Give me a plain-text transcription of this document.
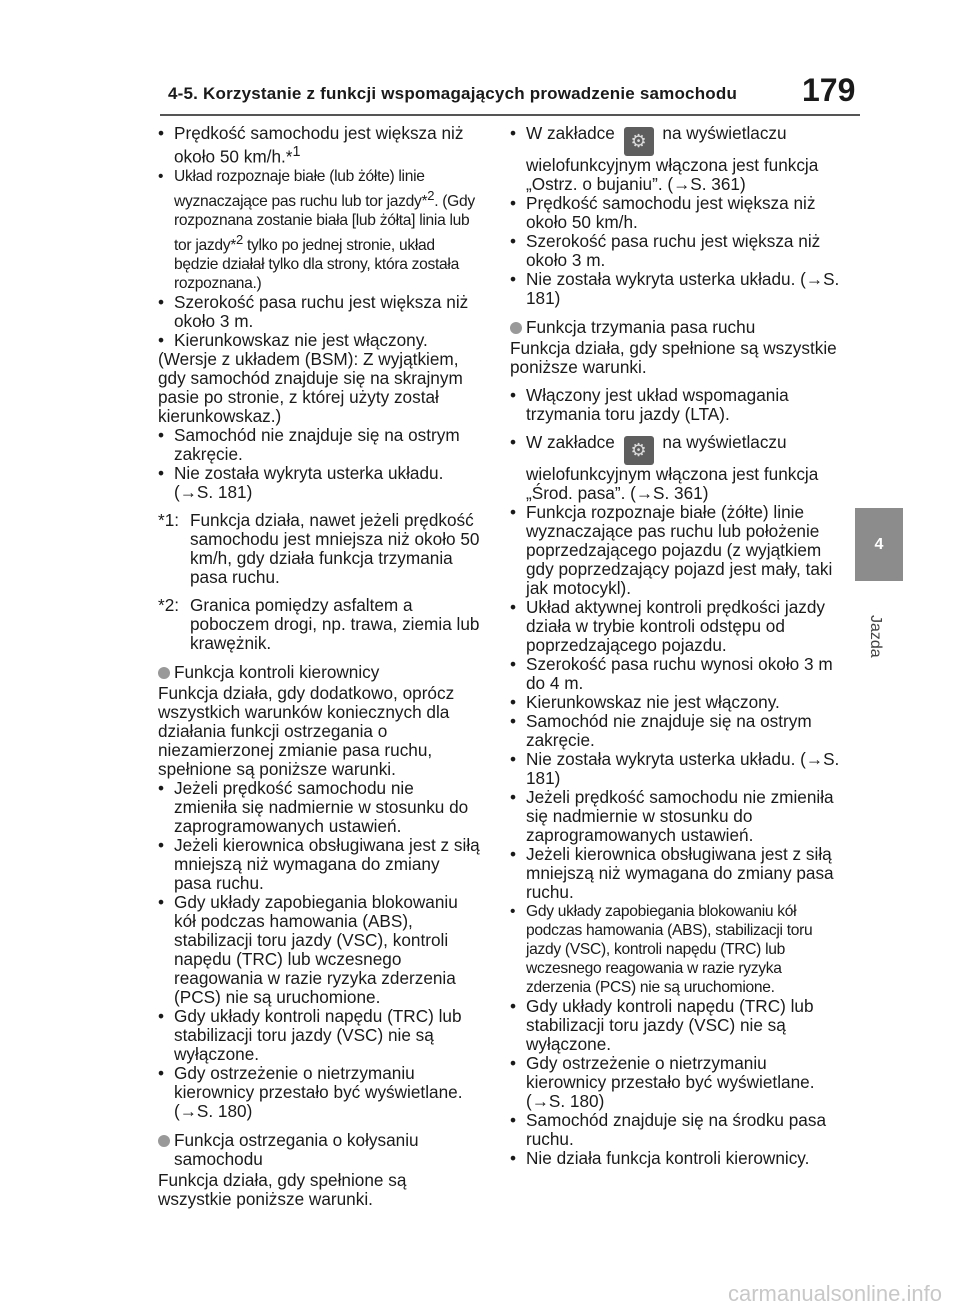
4-5. Korzystanie z funkcji wspomagających prowadzenie samochodu 179
4
Jazda
• Prędkość samochodu jest większa niż około 50 km/h.*$^1$
• Układ rozpoznaje białe (lub żółte) linie wyznaczające pas ruchu lub tor jazdy*$^2$. (Gdy rozpoznana zostanie biała [lub żółta] linia lub tor jazdy*$^2$ tylko po jednej stronie, układ będzie działał tylko dla strony, która została rozpoznana.)
• Szerokość pasa ruchu jest większa niż około 3 m.
• Kierunkowskaz nie jest włączony.
(Wersje z układem (BSM): Z wyjątkiem, gdy samochód znajduje się na skrajnym pasie po stronie, z której użyty został kierunkowskaz.)
• Samochód nie znajduje się na ostrym zakręcie.
• Nie została wykryta usterka układu. (→S. 181)
*1: Funkcja działa, nawet jeżeli prędkość samochodu jest mniejsza niż około 50 km/h, gdy działa funkcja trzymania pasa ruchu.
*2: Granica pomiędzy asfaltem a poboczem drogi, np. trawa, ziemia lub krawężnik.
Funkcja kontroli kierownicy
Funkcja działa, gdy dodatkowo, oprócz wszystkich warunków koniecznych dla działania funkcji ostrzegania o niezamierzonej zmianie pasa ruchu, spełnione są poniższe warunki.
• Jeżeli prędkość samochodu nie zmieniła się nadmiernie w stosunku do zaprogramowanych ustawień.
• Jeżeli kierownica obsługiwana jest z siłą mniejszą niż wymagana do zmiany pasa ruchu.
• Gdy układy zapobiegania blokowaniu kół podczas hamowania (ABS), stabilizacji toru jazdy (VSC), kontroli napędu (TRC) lub wczesnego reagowania w razie ryzyka zderzenia (PCS) nie są uruchomione.
• Gdy układy kontroli napędu (TRC) lub stabilizacji toru jazdy (VSC) nie są wyłączone.
• Gdy ostrzeżenie o nietrzymaniu kierownicy przestało być wyświetlane. (→S. 180)
Funkcja ostrzegania o kołysaniu samochodu
Funkcja działa, gdy spełnione są wszystkie poniższe warunki.
• W zakładce ⚙ na wyświetlaczu
wielofunkcyjnym włączona jest funkcja „Ostrz. o bujaniu”. (→S. 361)
• Prędkość samochodu jest większa niż około 50 km/h.
• Szerokość pasa ruchu jest większa niż około 3 m.
• Nie została wykryta usterka układu. (→S. 181)
Funkcja trzymania pasa ruchu
Funkcja działa, gdy spełnione są wszystkie poniższe warunki.
• Włączony jest układ wspomagania trzymania toru jazdy (LTA).
• W zakładce ⚙ na wyświetlaczu
wielofunkcyjnym włączona jest funkcja „Środ. pasa”. (→S. 361)
• Funkcja rozpoznaje białe (żółte) linie wyznaczające pas ruchu lub położenie poprzedzającego pojazdu (z wyjątkiem gdy poprzedzający pojazd jest mały, taki jak motocykl).
• Układ aktywnej kontroli prędkości jazdy działa w trybie kontroli odstępu od poprzedzającego pojazdu.
• Szerokość pasa ruchu wynosi około 3 m do 4 m.
• Kierunkowskaz nie jest włączony.
• Samochód nie znajduje się na ostrym zakręcie.
• Nie została wykryta usterka układu. (→S. 181)
• Jeżeli prędkość samochodu nie zmieniła się nadmiernie w stosunku do zaprogramowanych ustawień.
• Jeżeli kierownica obsługiwana jest z siłą mniejszą niż wymagana do zmiany pasa ruchu.
• Gdy układy zapobiegania blokowaniu kół podczas hamowania (ABS), stabilizacji toru jazdy (VSC), kontroli napędu (TRC) lub wczesnego reagowania w razie ryzyka zderzenia (PCS) nie są uruchomione.
• Gdy układy kontroli napędu (TRC) lub stabilizacji toru jazdy (VSC) nie są wyłączone.
• Gdy ostrzeżenie o nietrzymaniu kierownicy przestało być wyświetlane. (→S. 180)
• Samochód znajduje się na środku pasa ruchu.
• Nie działa funkcja kontroli kierownicy.
carmanualsonline.info
